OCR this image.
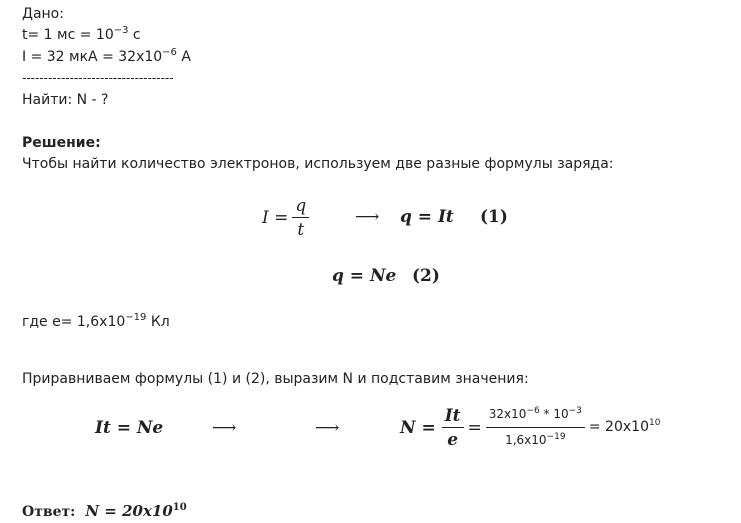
Дано:
t= 1 мс = $10^{-3}$ с
I = 32 мкА = $32x10^{-6}$ А
-----------------------------------
Найти: N - ?
Решение:
Чтобы найти количество электронов, используем две разные формулы заряда:
$I = \frac{q}{t}$	⟶ q = It (1)
q = Ne (2)
где $e= 1,6x10^{-19}$ Кл
Приравниваем формулы (1) и (2), выразим N и подставим значения:
It = Ne	⟶	⟶	$N = \frac{It}{e} = \frac{32x10^{-6} * 10^{-3}}{1,6x10^{-19}} = 20x10^{10}$
Ответ: $N = 20x10^{10}$
